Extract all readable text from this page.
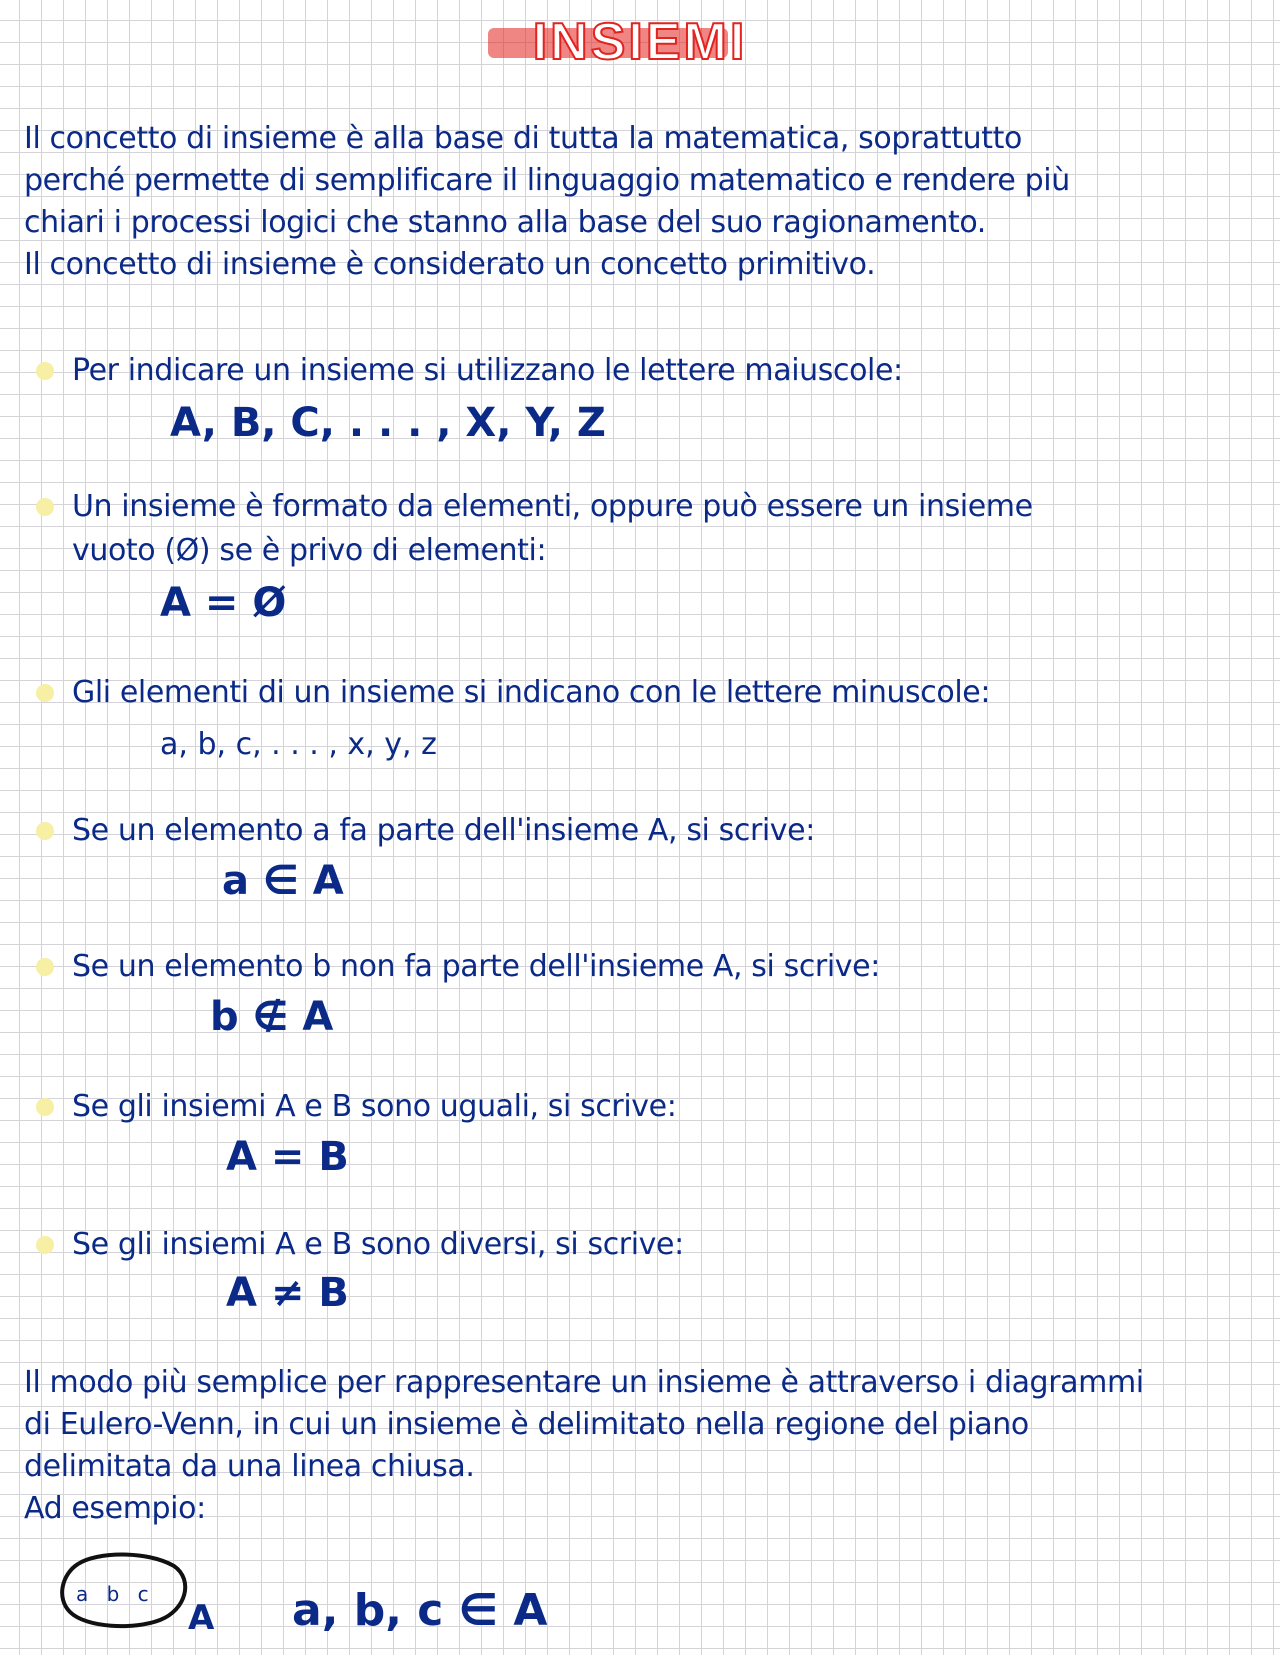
INSIEMI
Il concetto di insieme è alla base di tutta la matematica, soprattutto
perché permette di semplificare il linguaggio matematico e rendere più
chiari i processi logici che stanno alla base del suo ragionamento.
Il concetto di insieme è considerato un concetto primitivo.
Per indicare un insieme si utilizzano le lettere maiuscole:
A, B, C, . . . , X, Y, Z
Un insieme è formato da elementi, oppure può essere un insieme
vuoto (Ø) se è privo di elementi:
A = Ø
Gli elementi di un insieme si indicano con le lettere minuscole:
a, b, c, . . . , x, y, z
Se un elemento a fa parte dell'insieme A, si scrive:
a ∈ A
Se un elemento b non fa parte dell'insieme A, si scrive:
b ∉ A
Se gli insiemi A e B sono uguali, si scrive:
A = B
Se gli insiemi A e B sono diversi, si scrive:
A ≠ B
Il modo più semplice per rappresentare un insieme è attraverso i diagrammi
di Eulero-Venn, in cui un insieme è delimitato nella regione del piano
delimitata da una linea chiusa.
Ad esempio:
a b c
A a, b, c ∈ A
